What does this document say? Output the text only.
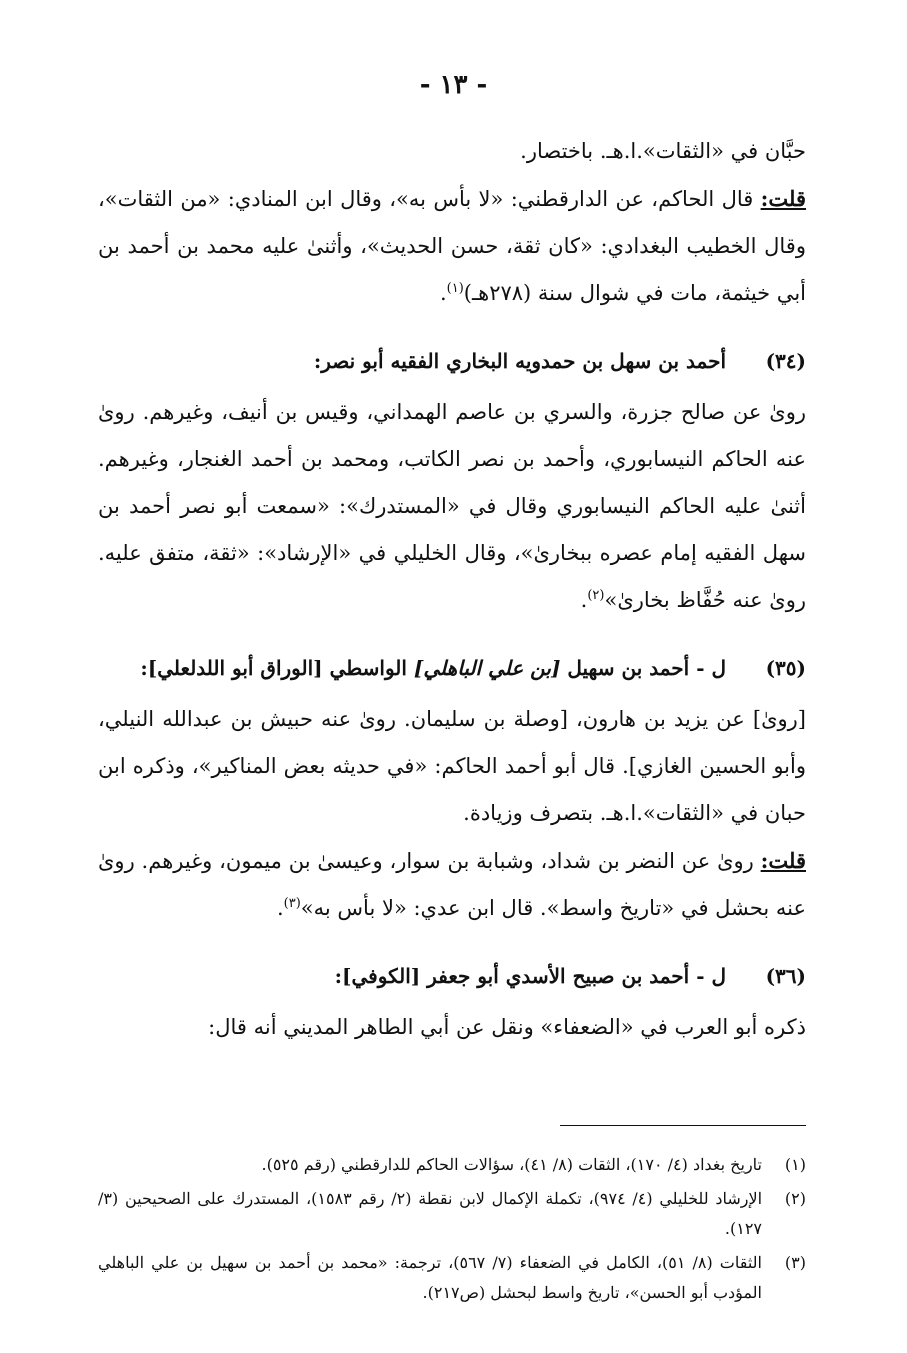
- ١٣ -

حبَّان في «الثقات».ا.هـ. باختصار.

قلت: قال الحاكم، عن الدارقطني: «لا بأس به»، وقال ابن المنادي: «من الثقات»، وقال الخطيب البغدادي: «كان ثقة، حسن الحديث»، وأثنىٰ عليه محمد بن أحمد بن أبي خيثمة، مات في شوال سنة (٢٧٨هـ)$^{(١)}$.

(٣٤)
أحمد بن سهل بن حمدويه البخاري الفقيه أبو نصر:

روىٰ عن صالح جزرة، والسري بن عاصم الهمداني، وقيس بن أنيف، وغيرهم. روىٰ عنه الحاكم النيسابوري، وأحمد بن نصر الكاتب، ومحمد بن أحمد الغنجار، وغيرهم. أثنىٰ عليه الحاكم النيسابوري وقال في «المستدرك»: «سمعت أبو نصر أحمد بن سهل الفقيه إمام عصره ببخارىٰ»، وقال الخليلي في «الإرشاد»: «ثقة، متفق عليه. روىٰ عنه حُفَّاظ بخارىٰ»$^{(٢)}$.

(٣٥)
ل - أحمد بن سهيل [بن علي الباهلي] الواسطي [الوراق أبو اللدلعلي]:

[روىٰ] عن يزيد بن هارون، [وصلة بن سليمان. روىٰ عنه حبيش بن عبدالله النيلي، وأبو الحسين الغازي]. قال أبو أحمد الحاكم: «في حديثه بعض المناكير»، وذكره ابن حبان في «الثقات».ا.هـ. بتصرف وزيادة.

قلت: روىٰ عن النضر بن شداد، وشبابة بن سوار، وعيسىٰ بن ميمون، وغيرهم. روىٰ عنه بحشل في «تاريخ واسط». قال ابن عدي: «لا بأس به»$^{(٣)}$.

(٣٦)
ل - أحمد بن صبيح الأسدي أبو جعفر [الكوفي]:

ذكره أبو العرب في «الضعفاء» ونقل عن أبي الطاهر المديني أنه قال:

(١)
تاريخ بغداد (٤/ ١٧٠)، الثقات (٨/ ٤١)، سؤالات الحاكم للدارقطني (رقم ٥٢٥).
(٢)
الإرشاد للخليلي (٤/ ٩٧٤)، تكملة الإكمال لابن نقطة (٢/ رقم ١٥٨٣)، المستدرك على الصحيحين (٣/ ١٢٧).
(٣)
الثقات (٨/ ٥١)، الكامل في الضعفاء (٧/ ٥٦٧)، ترجمة: «محمد بن أحمد بن سهيل بن علي الباهلي المؤدب أبو الحسن»، تاريخ واسط لبحشل (ص٢١٧).
